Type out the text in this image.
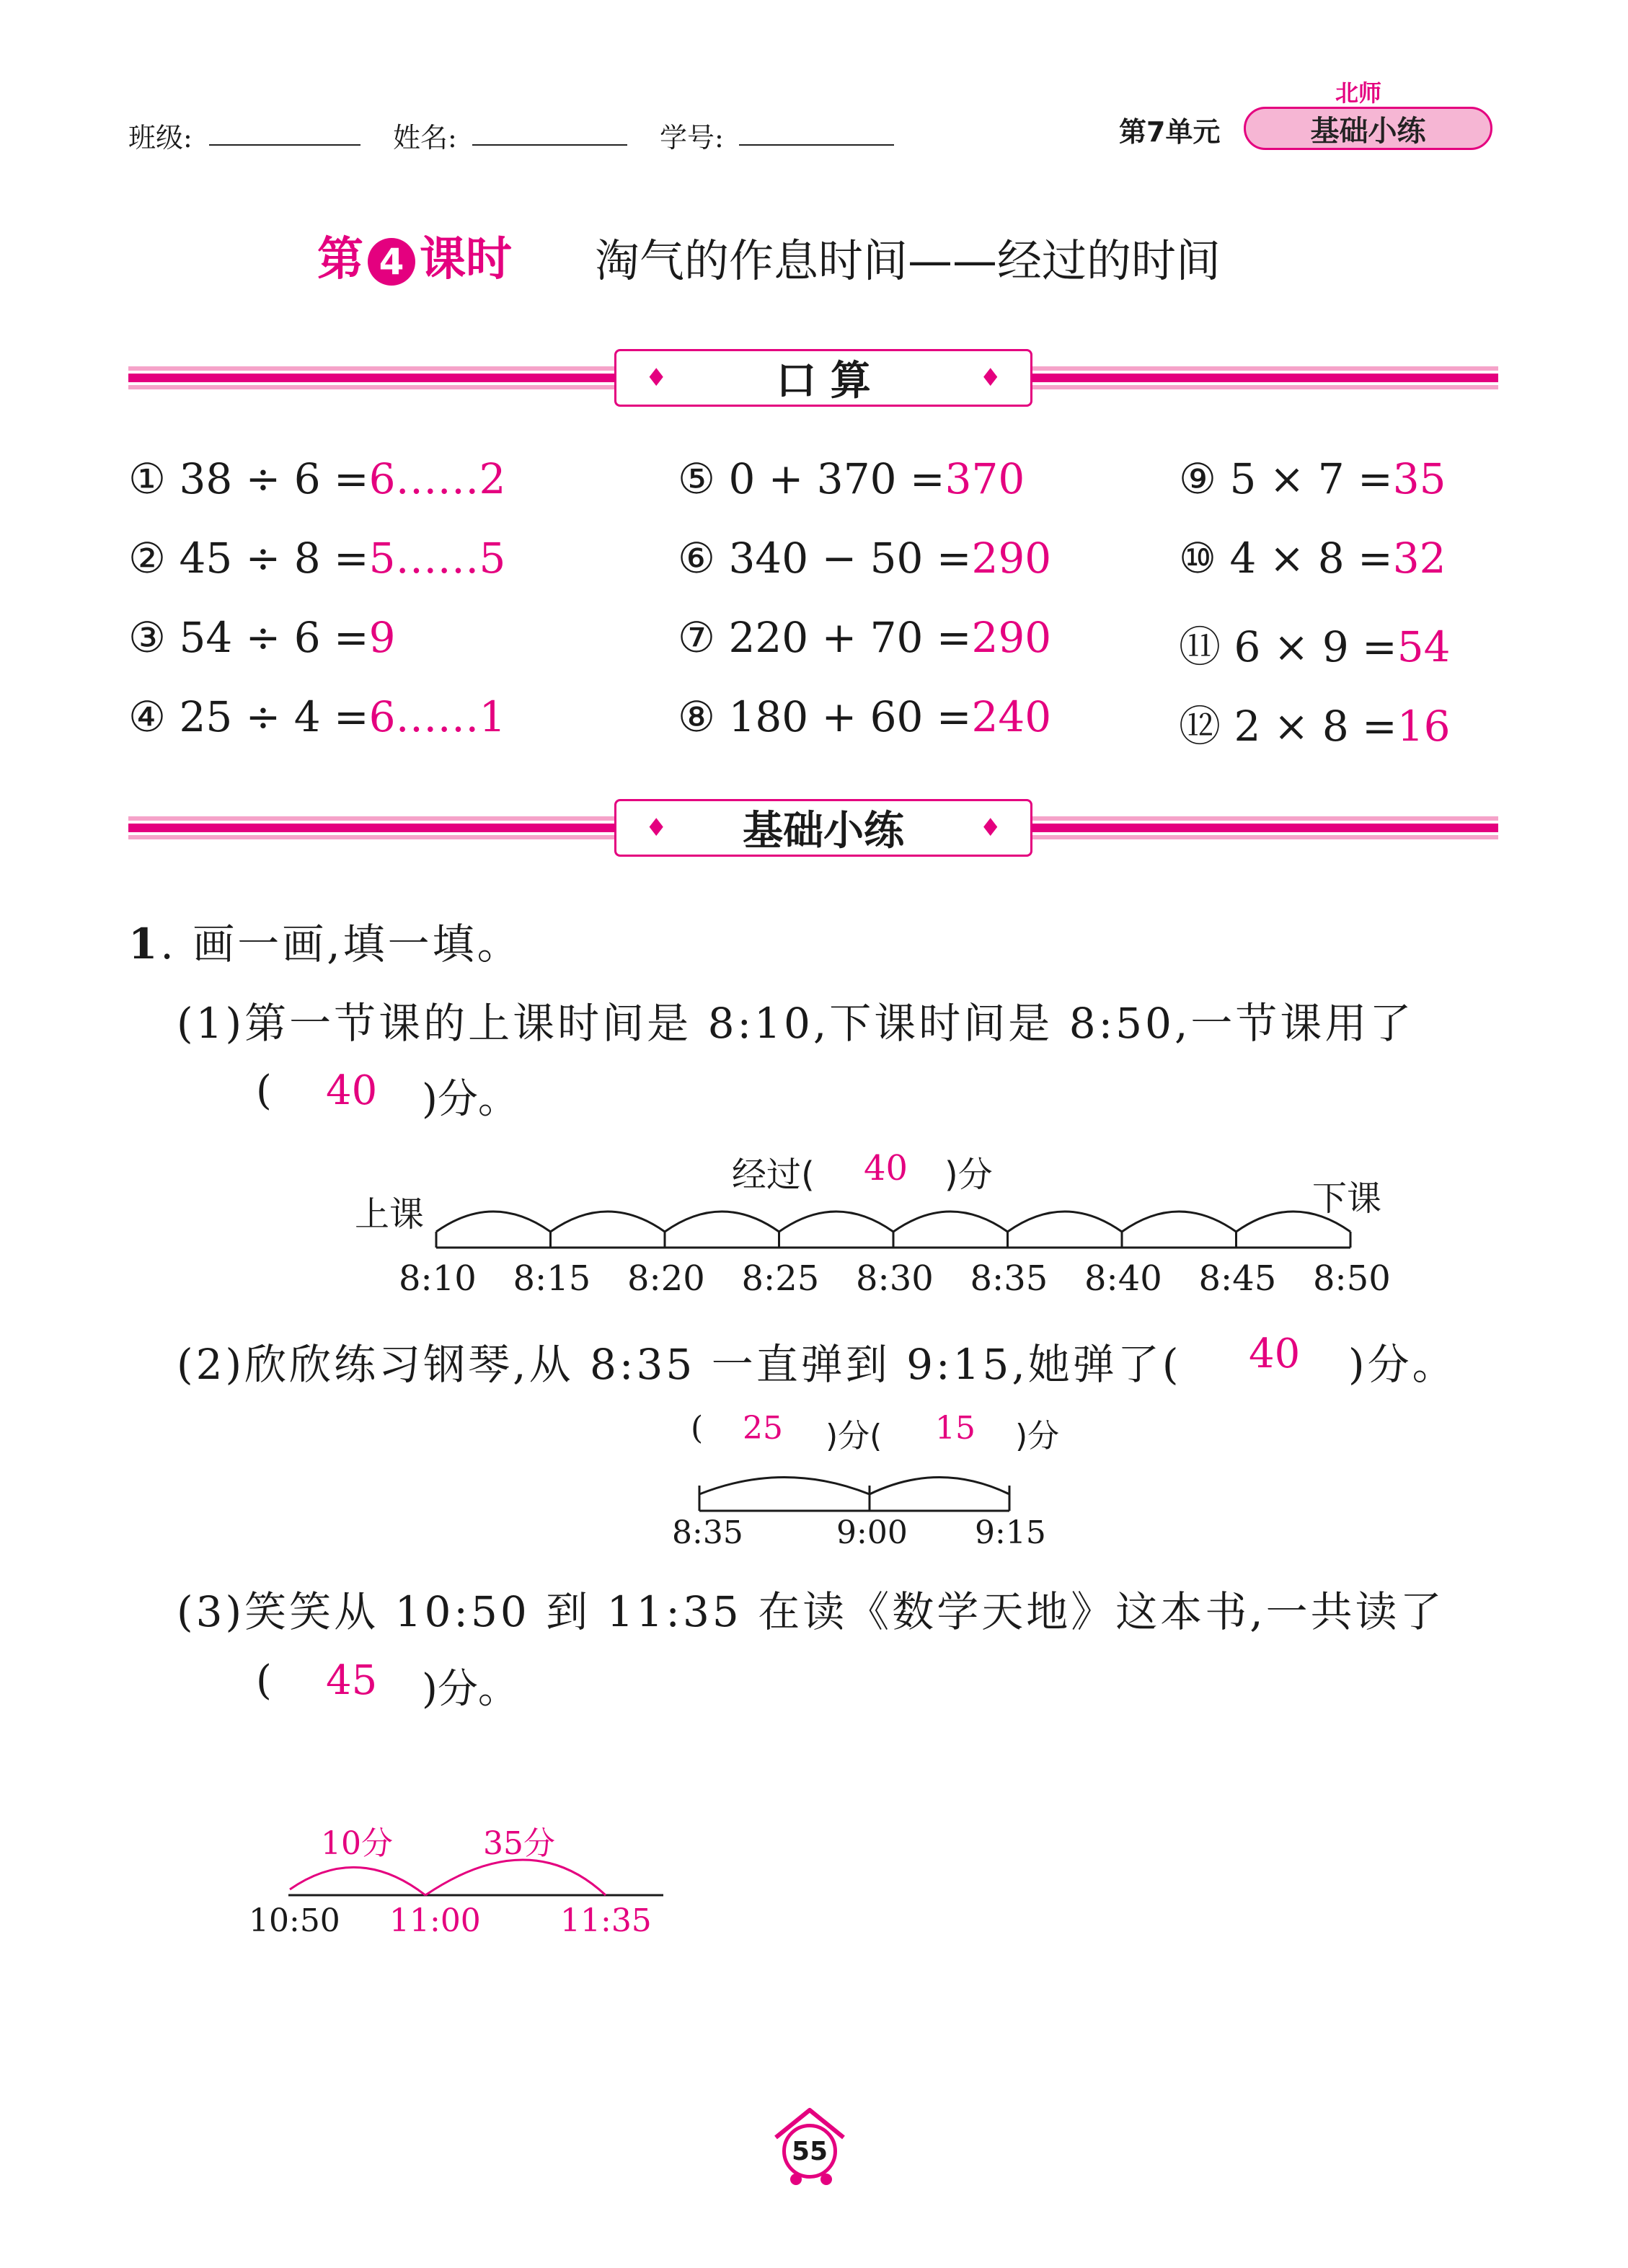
班级:	姓名:	学号:	第7单元
北师
基础小练
第 4 课时 淘气的作息时间——经过的时间
♦	口 算	♦
① 38 ÷ 6 =6……2
② 45 ÷ 8 =5……5
③ 54 ÷ 6 =9
④ 25 ÷ 4 =6……1
⑤ 0 + 370 =370
⑥ 340 − 50 =290
⑦ 220 + 70 =290
⑧ 180 + 60 =240
⑨ 5 × 7 =35
⑩ 4 × 8 =32
⑪ 6 × 9 =54
⑫ 2 × 8 =16
♦ 基础小练	♦
1. 画一画,填一填。
(1)第一节课的上课时间是 8:10,下课时间是 8:50,一节课用了
( 40 )分。
上课	下课
经过( 40 )分
8:10 8:15 8:20 8:25 8:30 8:35 8:40 8:45 8:50
(2)欣欣练习钢琴,从 8:35 一直弹到 9:15,她弹了( 40 )分。
( 25 )分( 15 )分
8:35	9:00 9:15
(3)笑笑从 10:50 到 11:35 在读《数学天地》这本书,一共读了
( 45 )分。
10分	35分
10:50 11:00	11:35
55
